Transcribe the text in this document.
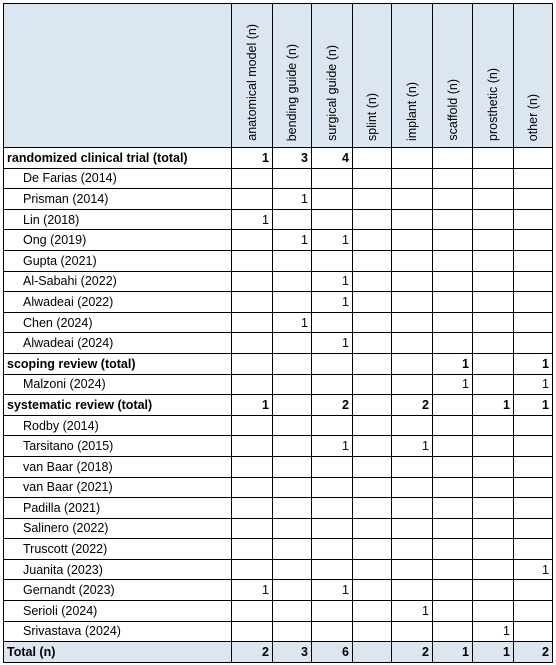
	anatomical model (n)	bending guide (n)	surgical guide (n)	splint (n)	implant (n)	scaffold (n)	prosthetic (n)	other (n)
randomized clinical trial (total)	1	3	4					
De Farias (2014)								
Prisman (2014)		1						
Lin (2018)	1							
Ong (2019)		1	1					
Gupta (2021)								
Al-Sabahi (2022)			1					
Alwadeai (2022)			1					
Chen (2024)		1						
Alwadeai (2024)			1					
scoping review (total)						1		1
Malzoni (2024)						1		1
systematic review (total)	1		2		2		1	1
Rodby (2014)								
Tarsitano (2015)			1		1			
van Baar (2018)								
van Baar (2021)								
Padilla (2021)								
Salinero (2022)								
Truscott (2022)								
Juanita (2023)								1
Gernandt (2023)	1		1					
Serioli (2024)					1			
Srivastava (2024)							1	
Total (n)	2	3	6		2	1	1	2
